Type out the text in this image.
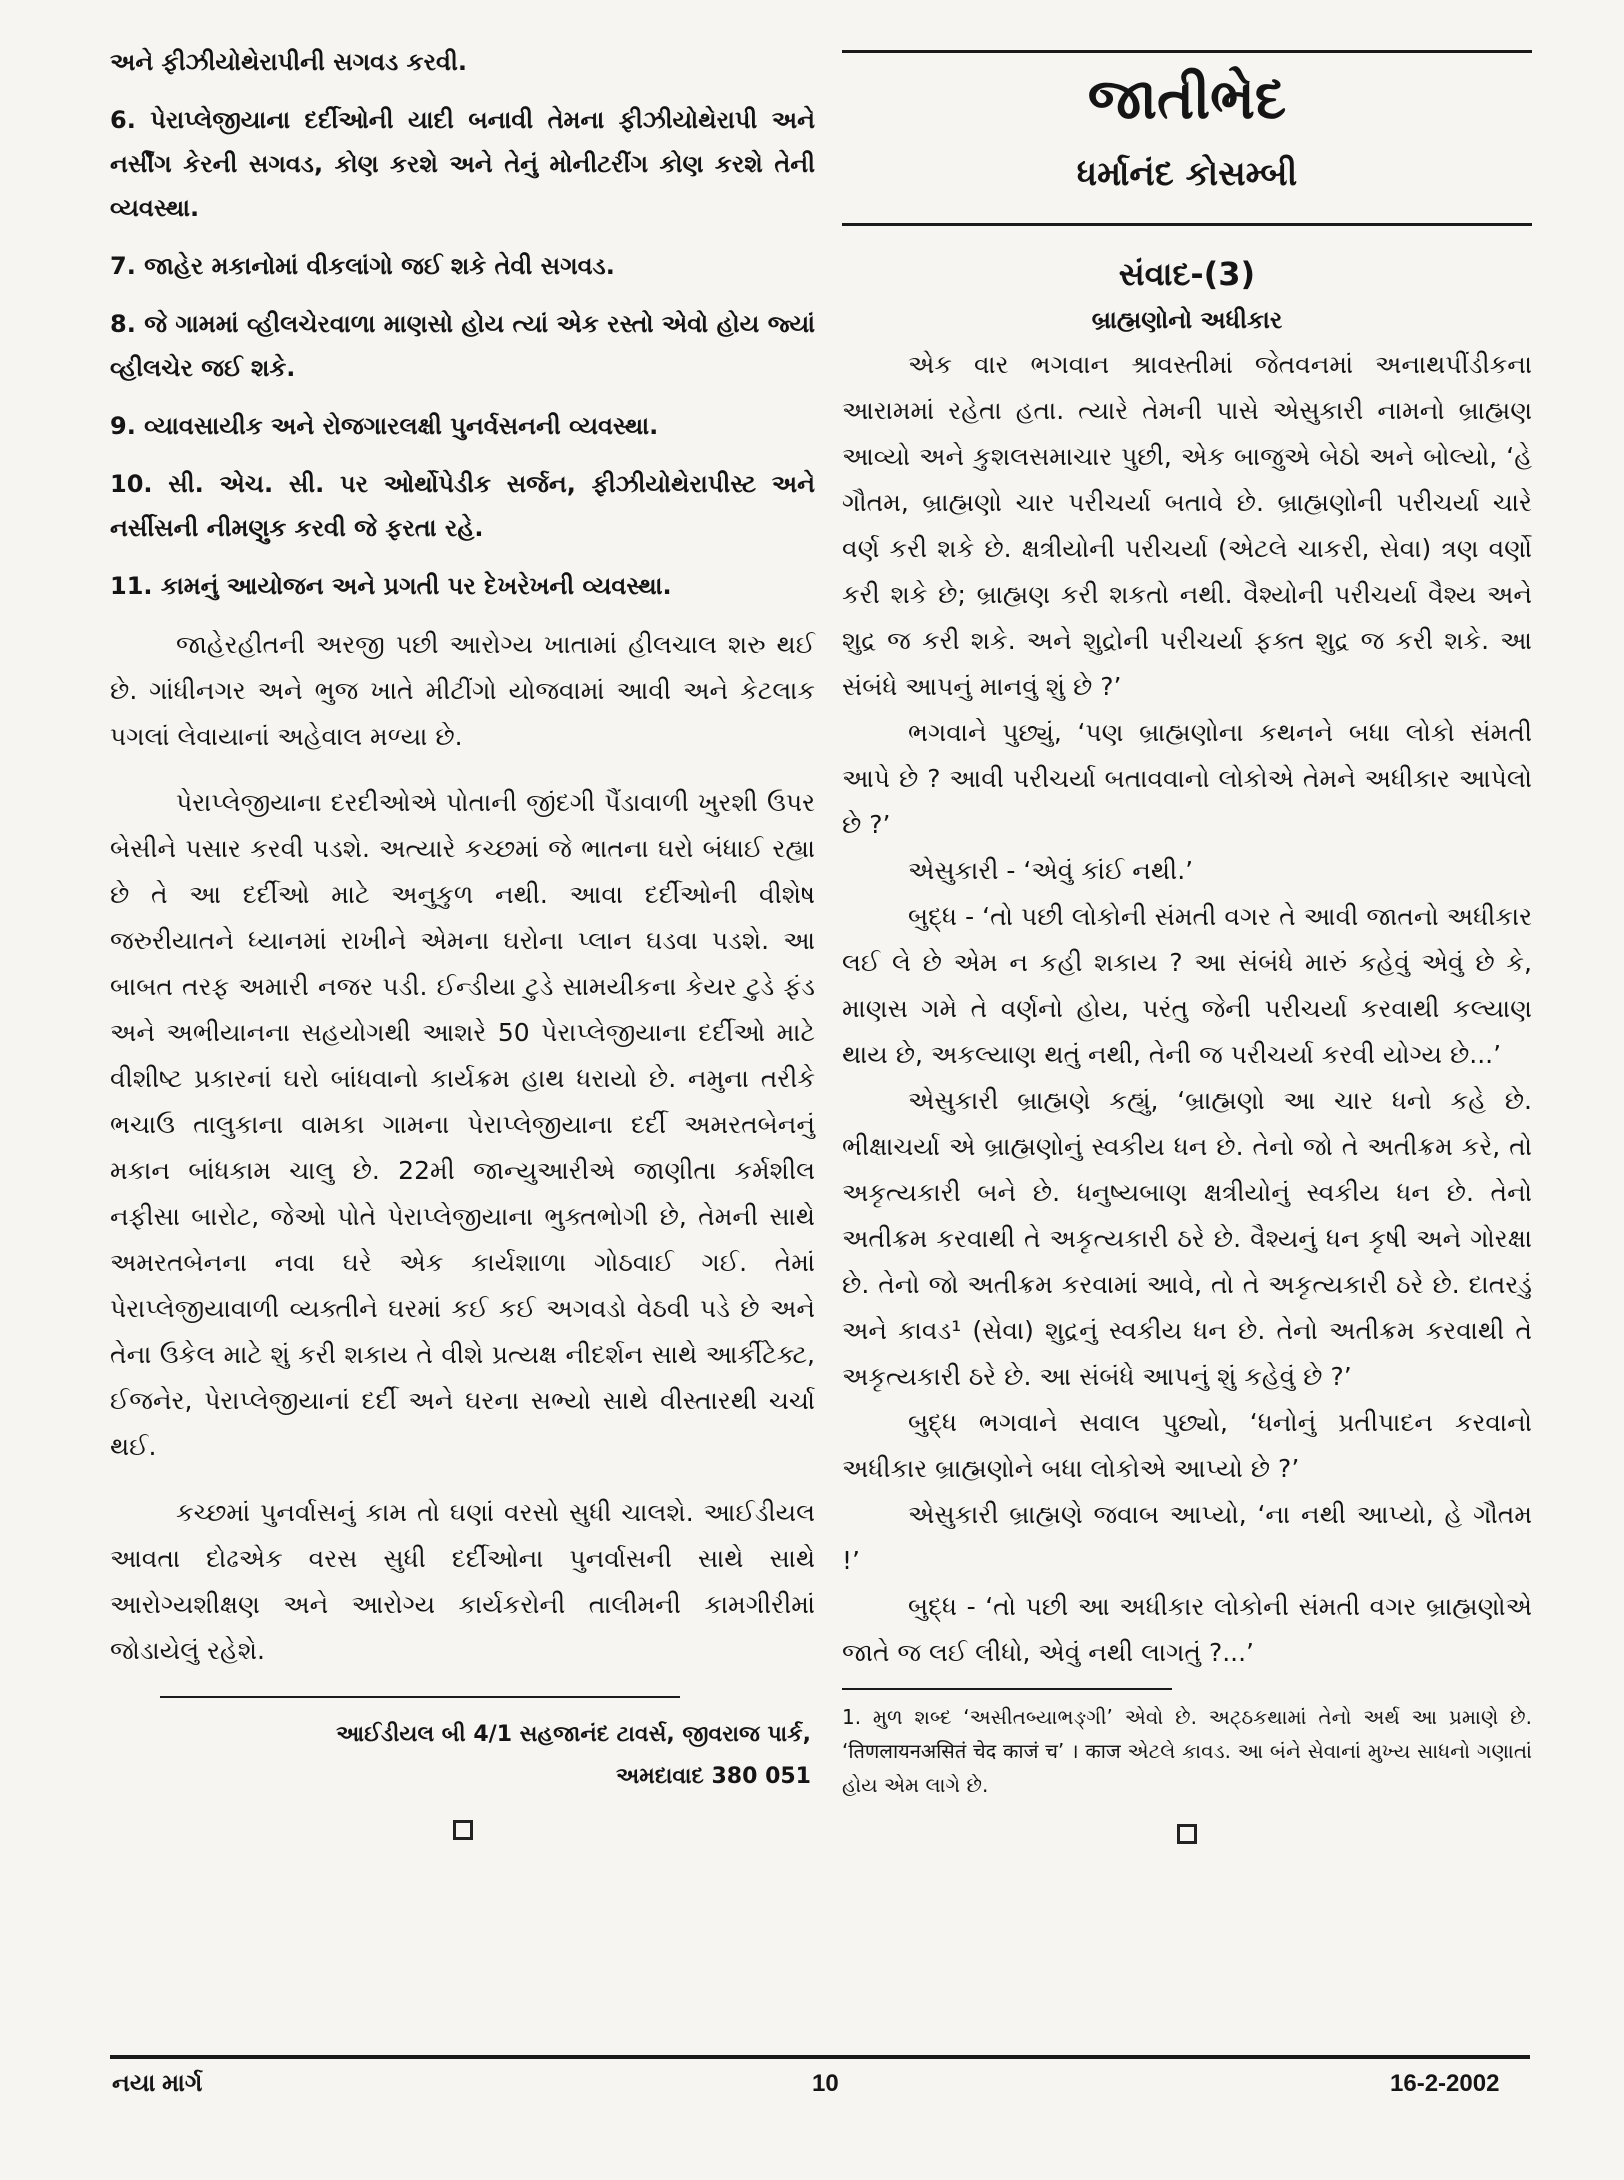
અને ફીઝીયોથેરાપીની સગવડ કરવી.

6. પેરાપ્લેજીયાના દર્દીઓની યાદી બનાવી તેમના ફીઝીયોથેરાપી અને નર્સીંગ કેરની સગવડ, કોણ કરશે અને તેનું મોનીટરીંગ કોણ કરશે તેની વ્યવસ્થા.

7. જાહેર મકાનોમાં વીકલાંગો જઈ શકે તેવી સગવડ.

8. જે ગામમાં વ્હીલચેરવાળા માણસો હોય ત્યાં એક રસ્તો એવો હોય જ્યાં વ્હીલચેર જઈ શકે.

9. વ્યાવસાયીક અને રોજગારલક્ષી પુનર્વસનની વ્યવસ્થા.

10. સી. એચ. સી. પર ઓર્થોપેડીક સર્જન, ફીઝીયોથેરાપીસ્ટ અને નર્સીસની નીમણુક કરવી જે ફરતા રહે.

11. કામનું આયોજન અને પ્રગતી પર દેખરેખની વ્યવસ્થા.

જાહેરહીતની અરજી પછી આરોગ્ય ખાતામાં હીલચાલ શરુ થઈ છે. ગાંધીનગર અને ભુજ ખાતે મીટીંગો યોજવામાં આવી અને કેટલાક પગલાં લેવાયાનાં અહેવાલ મળ્યા છે.

પેરાપ્લેજીયાના દરદીઓએ પોતાની જીંદગી પૈંડાવાળી ખુરશી ઉપર બેસીને પસાર કરવી પડશે. અત્યારે કચ્છમાં જે ભાતના ઘરો બંધાઈ રહ્યા છે તે આ દર્દીઓ માટે અનુકુળ નથી. આવા દર્દીઓની વીશેષ જરુરીયાતને ધ્યાનમાં રાખીને એમના ઘરોના પ્લાન ઘડવા પડશે. આ બાબત તરફ અમારી નજર પડી. ઈન્ડીયા ટુડે સામયીકના કેયર ટુડે ફંડ અને અભીયાનના સહયોગથી આશરે 50 પેરાપ્લેજીયાના દર્દીઓ માટે વીશીષ્ટ પ્રકારનાં ઘરો બાંધવાનો કાર્યક્રમ હાથ ધરાયો છે. નમુના તરીકે ભચાઉ તાલુકાના વામકા ગામના પેરાપ્લેજીયાના દર્દી અમરતબેનનું મકાન બાંધકામ ચાલુ છે. 22મી જાન્યુઆરીએ જાણીતા કર્મશીલ નફીસા બારોટ, જેઓ પોતે પેરાપ્લેજીયાના ભુક્તભોગી છે, તેમની સાથે અમરતબેનના નવા ઘરે એક કાર્યશાળા ગોઠવાઈ ગઈ. તેમાં પેરાપ્લેજીયાવાળી વ્યક્તીને ઘરમાં કઈ કઈ અગવડો વેઠવી પડે છે અને તેના ઉકેલ માટે શું કરી શકાય તે વીશે પ્રત્યક્ષ નીદર્શન સાથે આર્કીટેક્ટ, ઈજનેર, પેરાપ્લેજીયાનાં દર્દી અને ઘરના સભ્યો સાથે વીસ્તારથી ચર્ચા થઈ.

કચ્છમાં પુનર્વાસનું કામ તો ઘણાં વરસો સુધી ચાલશે. આઈડીયલ આવતા દોઢએક વરસ સુધી દર્દીઓના પુનર્વાસની સાથે સાથે આરોગ્યશીક્ષણ અને આરોગ્ય કાર્યકરોની તાલીમની કામગીરીમાં જોડાયેલું રહેશે.

આઈડીયલ બી 4/1 સહજાનંદ ટાવર્સ, જીવરાજ પાર્ક,
અમદાવાદ 380 051
જાતીભેદ
ધર્માનંદ કોસમ્બી
સંવાદ-(3)
બ્રાહ્મણોનો અધીકાર

એક વાર ભગવાન શ્રાવસ્તીમાં જેતવનમાં અનાથપીંડીકના આરામમાં રહેતા હતા. ત્યારે તેમની પાસે એસુકારી નામનો બ્રાહ્મણ આવ્યો અને કુશલસમાચાર પુછી, એક બાજુએ બેઠો અને બોલ્યો, ‘હે ગૌતમ, બ્રાહ્મણો ચાર પરીચર્યા બતાવે છે. બ્રાહ્મણોની પરીચર્યા ચારે વર્ણ કરી શકે છે. ક્ષત્રીયોની પરીચર્યા (એટલે ચાકરી, સેવા) ત્રણ વર્ણો કરી શકે છે; બ્રાહ્મણ કરી શકતો નથી. વૈશ્યોની પરીચર્યા વૈશ્ય અને શુદ્ર જ કરી શકે. અને શુદ્રોની પરીચર્યા ફક્ત શુદ્ર જ કરી શકે. આ સંબંધે આપનું માનવું શું છે ?’

ભગવાને પુછ્યું, ‘પણ બ્રાહ્મણોના કથનને બધા લોકો સંમતી આપે છે ? આવી પરીચર્યા બતાવવાનો લોકોએ તેમને અધીકાર આપેલો છે ?’

એસુકારી - ‘એવું કાંઈ નથી.’

બુદ્ધ - ‘તો પછી લોકોની સંમતી વગર તે આવી જાતનો અધીકાર લઈ લે છે એમ ન કહી શકાય ? આ સંબંધે મારું કહેવું એવું છે કે, માણસ ગમે તે વર્ણનો હોય, પરંતુ જેની પરીચર્યા કરવાથી કલ્યાણ થાય છે, અકલ્યાણ થતું નથી, તેની જ પરીચર્યા કરવી યોગ્ય છે...’

એસુકારી બ્રાહ્મણે કહ્યું, ‘બ્રાહ્મણો આ ચાર ધનો કહે છે. ભીક્ષાચર્યા એ બ્રાહ્મણોનું સ્વકીય ધન છે. તેનો જો તે અતીક્રમ કરે, તો અકૃત્યકારી બને છે. ધનુષ્યબાણ ક્ષત્રીયોનું સ્વકીય ધન છે. તેનો અતીક્રમ કરવાથી તે અકૃત્યકારી ઠરે છે. વૈશ્યનું ધન કૃષી અને ગોરક્ષા છે. તેનો જો અતીક્રમ કરવામાં આવે, તો તે અકૃત્યકારી ઠરે છે. દાતરડું અને કાવડ¹ (સેવા) શુદ્રનું સ્વકીય ધન છે. તેનો અતીક્રમ કરવાથી તે અકૃત્યકારી ઠરે છે. આ સંબંધે આપનું શું કહેવું છે ?’

બુદ્ધ ભગવાને સવાલ પુછ્યો, ‘ધનોનું પ્રતીપાદન કરવાનો અધીકાર બ્રાહ્મણોને બધા લોકોએ આપ્યો છે ?’

એસુકારી બ્રાહ્મણે જવાબ આપ્યો, ‘ના નથી આપ્યો, હે ગૌતમ !’

બુદ્ધ - ‘તો પછી આ અધીકાર લોકોની સંમતી વગર બ્રાહ્મણોએ જાતે જ લઈ લીધો, એવું નથી લાગતું ?...’

1. મુળ શબ્દ ‘અસીતબ્યાભઙ્ગી’ એવો છે. અટ્ઠકથામાં તેનો અર્થ આ પ્રમાણે છે. ‘तिणलायनअसितं चेद काजं च’ । काज એટલે કાવડ. આ બંને સેવાનાં મુખ્ય સાધનો ગણાતાં હોય એમ લાગે છે.

નયા માર્ગ	10	16-2-2002
